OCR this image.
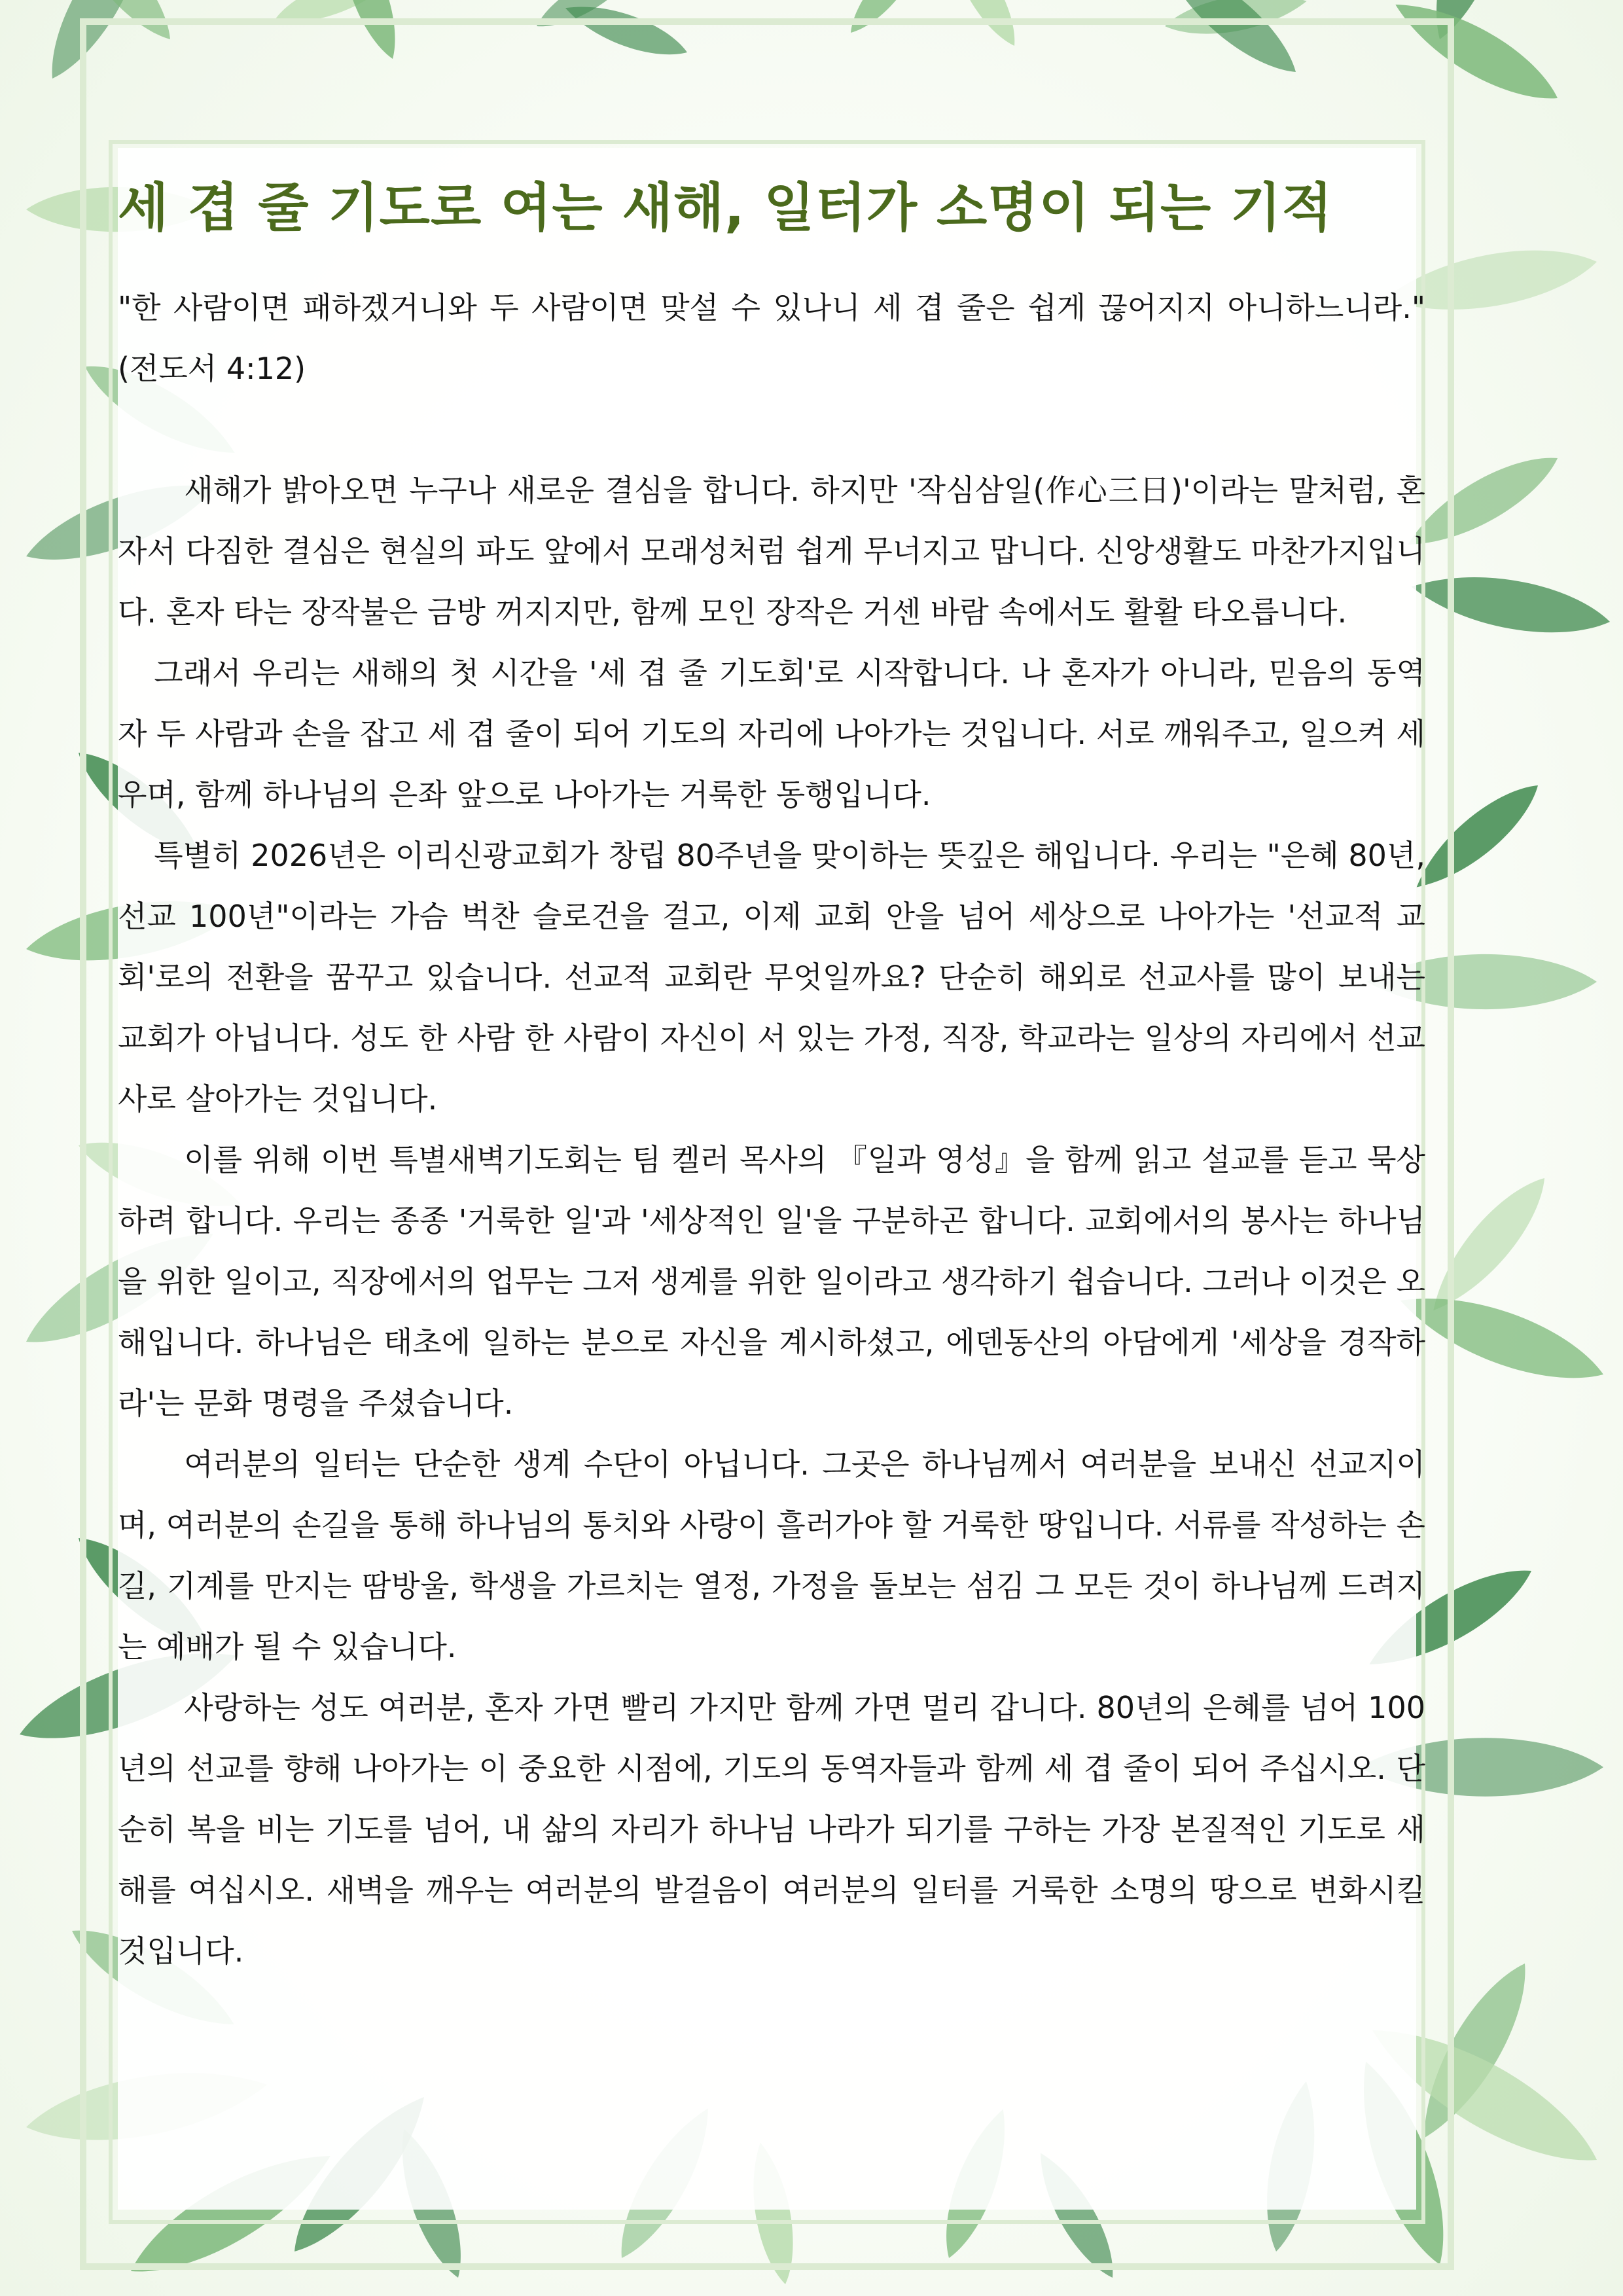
세 겹 줄 기도로 여는 새해, 일터가 소명이 되는 기적

"한 사람이면 패하겠거니와 두 사람이면 맞설 수 있나니 세 겹 줄은 쉽게 끊어지지 아니하느니라." (전도서 4:12)

새해가 밝아오면 누구나 새로운 결심을 합니다. 하지만 '작심삼일(作心三日)'이라는 말처럼, 혼자서 다짐한 결심은 현실의 파도 앞에서 모래성처럼 쉽게 무너지고 맙니다. 신앙생활도 마찬가지입니다. 혼자 타는 장작불은 금방 꺼지지만, 함께 모인 장작은 거센 바람 속에서도 활활 타오릅니다.

그래서 우리는 새해의 첫 시간을 '세 겹 줄 기도회'로 시작합니다. 나 혼자가 아니라, 믿음의 동역자 두 사람과 손을 잡고 세 겹 줄이 되어 기도의 자리에 나아가는 것입니다. 서로 깨워주고, 일으켜 세우며, 함께 하나님의 은좌 앞으로 나아가는 거룩한 동행입니다.

특별히 2026년은 이리신광교회가 창립 80주년을 맞이하는 뜻깊은 해입니다. 우리는 "은혜 80년, 선교 100년"이라는 가슴 벅찬 슬로건을 걸고, 이제 교회 안을 넘어 세상으로 나아가는 '선교적 교회'로의 전환을 꿈꾸고 있습니다. 선교적 교회란 무엇일까요? 단순히 해외로 선교사를 많이 보내는 교회가 아닙니다. 성도 한 사람 한 사람이 자신이 서 있는 가정, 직장, 학교라는 일상의 자리에서 선교사로 살아가는 것입니다.

이를 위해 이번 특별새벽기도회는 팀 켈러 목사의 『일과 영성』을 함께 읽고 설교를 듣고 묵상하려 합니다. 우리는 종종 '거룩한 일'과 '세상적인 일'을 구분하곤 합니다. 교회에서의 봉사는 하나님을 위한 일이고, 직장에서의 업무는 그저 생계를 위한 일이라고 생각하기 쉽습니다. 그러나 이것은 오해입니다. 하나님은 태초에 일하는 분으로 자신을 계시하셨고, 에덴동산의 아담에게 '세상을 경작하라'는 문화 명령을 주셨습니다.

여러분의 일터는 단순한 생계 수단이 아닙니다. 그곳은 하나님께서 여러분을 보내신 선교지이며, 여러분의 손길을 통해 하나님의 통치와 사랑이 흘러가야 할 거룩한 땅입니다. 서류를 작성하는 손길, 기계를 만지는 땀방울, 학생을 가르치는 열정, 가정을 돌보는 섬김 그 모든 것이 하나님께 드려지는 예배가 될 수 있습니다.

사랑하는 성도 여러분, 혼자 가면 빨리 가지만 함께 가면 멀리 갑니다. 80년의 은혜를 넘어 100년의 선교를 향해 나아가는 이 중요한 시점에, 기도의 동역자들과 함께 세 겹 줄이 되어 주십시오. 단순히 복을 비는 기도를 넘어, 내 삶의 자리가 하나님 나라가 되기를 구하는 가장 본질적인 기도로 새해를 여십시오. 새벽을 깨우는 여러분의 발걸음이 여러분의 일터를 거룩한 소명의 땅으로 변화시킬 것입니다.
